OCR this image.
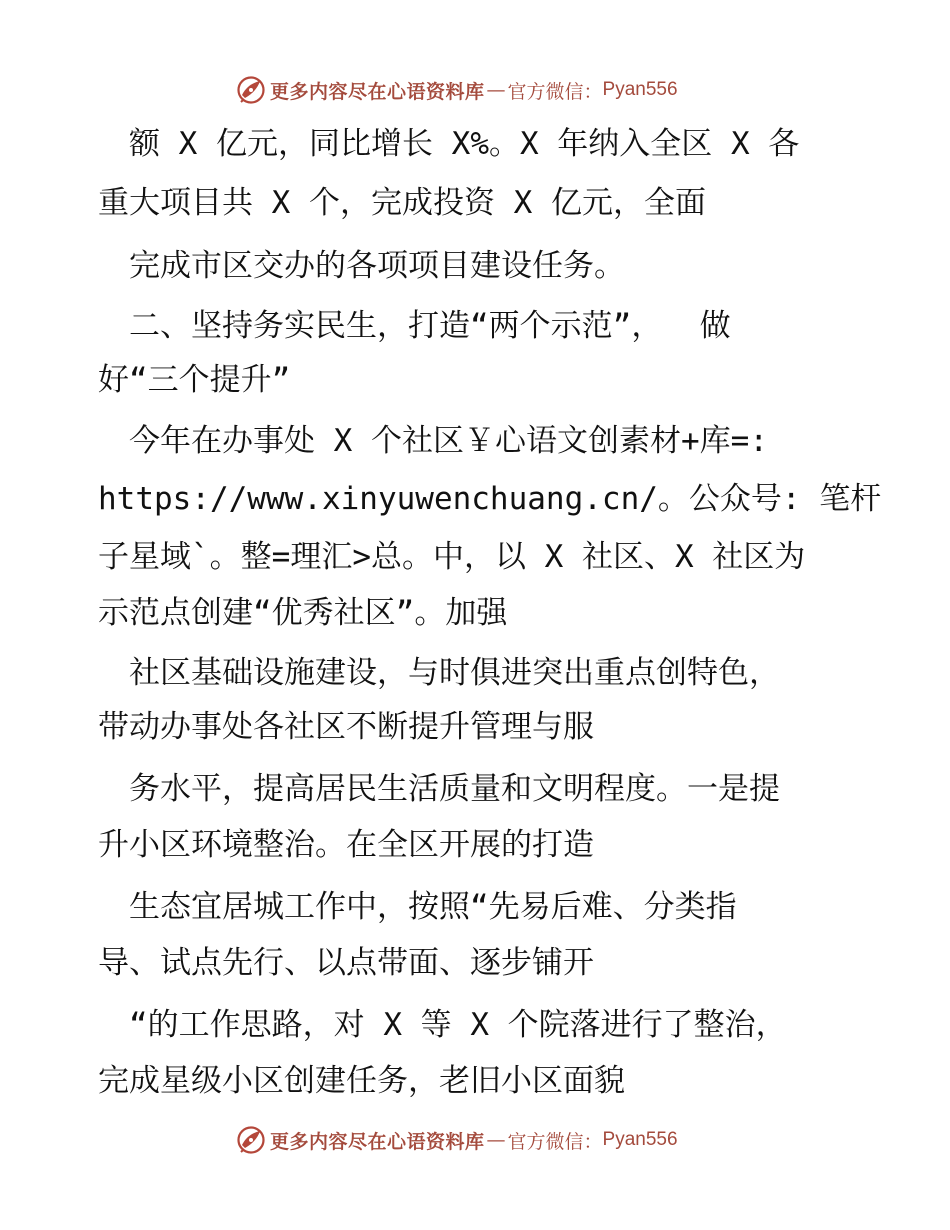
更多内容尽在心语资料库 — 官方微信： Pyan556
　额 X 亿元，同比增长 X%。X 年纳入全区 X 各
重大项目共 X 个，完成投资 X 亿元，全面
　完成市区交办的各项项目建设任务。
　二、坚持务实民生，打造“两个示范”，  做
好“三个提升”
　今年在办事处 X 个社区￥心语文创素材+库=:
https://www.xinyuwenchuang.cn/。公众号: 笔杆
子星域`。整=理汇>总。中，以 X 社区、X 社区为
示范点创建“优秀社区”。加强
　社区基础设施建设，与时俱进突出重点创特色，
带动办事处各社区不断提升管理与服
　务水平，提高居民生活质量和文明程度。一是提
升小区环境整治。在全区开展的打造
　生态宜居城工作中，按照“先易后难、分类指
导、试点先行、以点带面、逐步铺开
　“的工作思路，对 X 等 X 个院落进行了整治，
完成星级小区创建任务，老旧小区面貌
更多内容尽在心语资料库 — 官方微信： Pyan556
